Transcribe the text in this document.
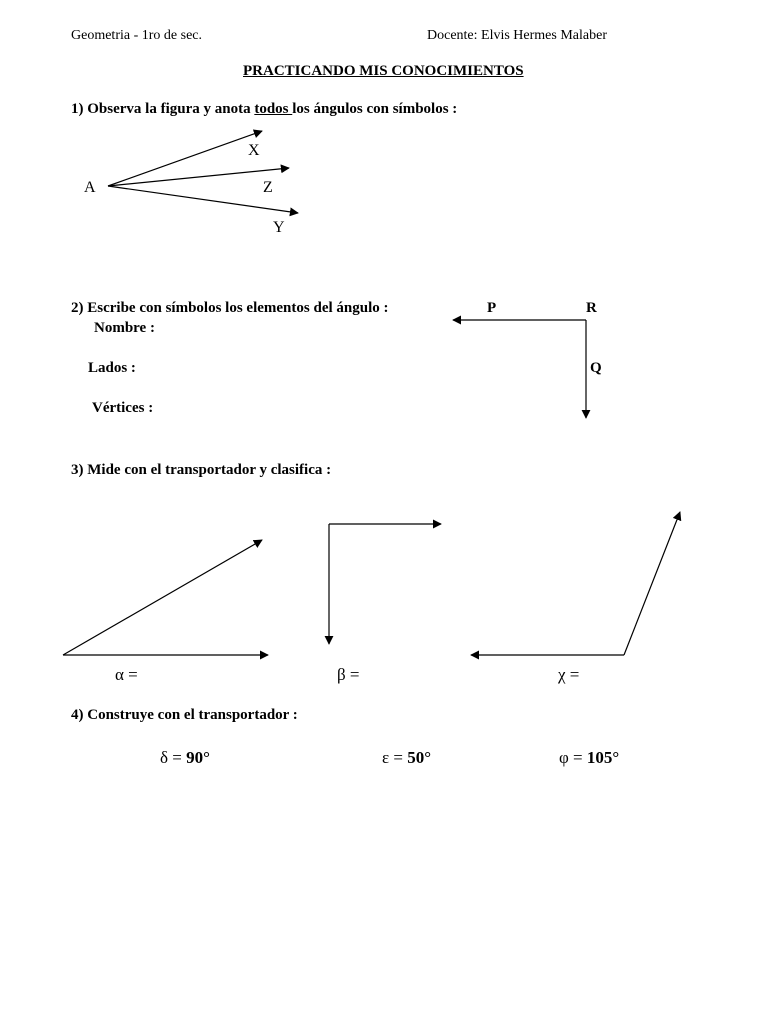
Geometria - 1ro de sec.	Docente: Elvis Hermes Malaber
PRACTICANDO MIS CONOCIMIENTOS
1) Observa la figura y anota todos los ángulos con símbolos :
A
X
Z
Y
2) Escribe con símbolos los elementos del ángulo :
Nombre :
Lados :
Vértices :
P	R
Q
3) Mide con el transportador y clasifica :
α =	β =	χ =
4) Construye con el transportador :
δ = 90°	ε = 50°	φ = 105°
